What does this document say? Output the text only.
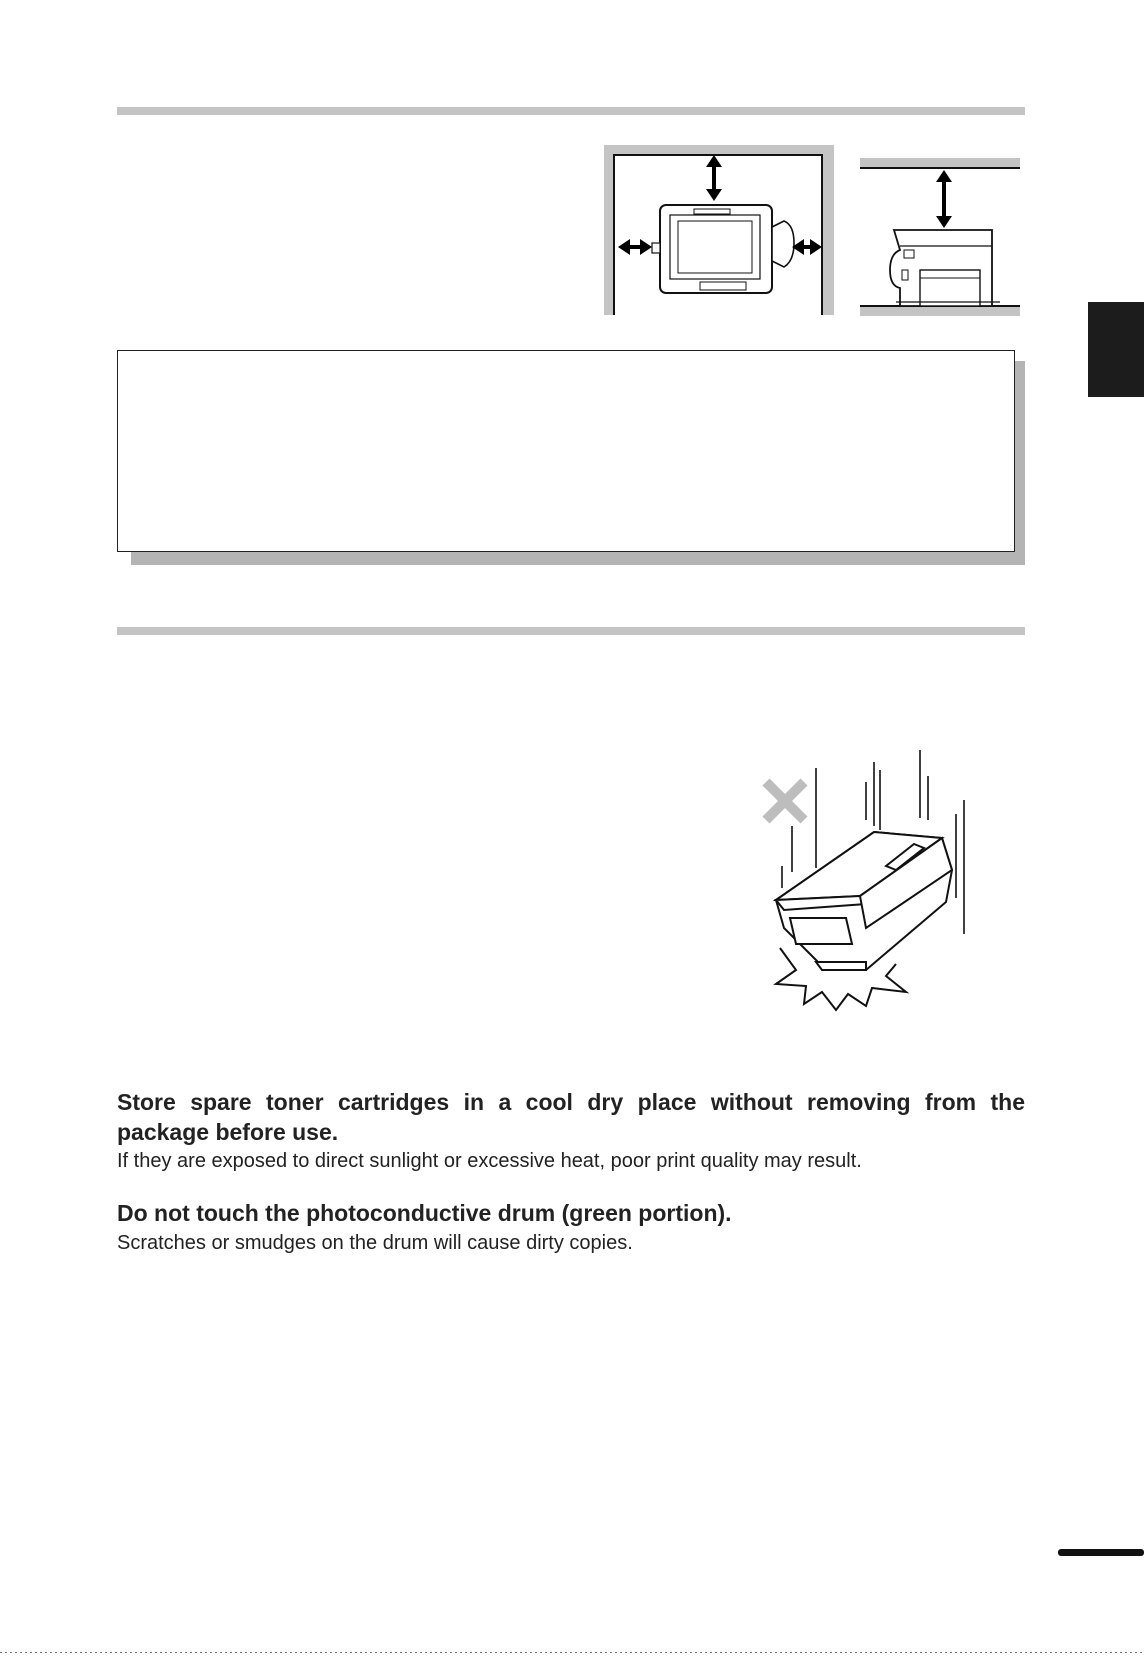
Store spare toner cartridges in a cool dry place without removing from the package before use.
If they are exposed to direct sunlight or excessive heat, poor print quality may result.
Do not touch the photoconductive drum (green portion).
Scratches or smudges on the drum will cause dirty copies.
